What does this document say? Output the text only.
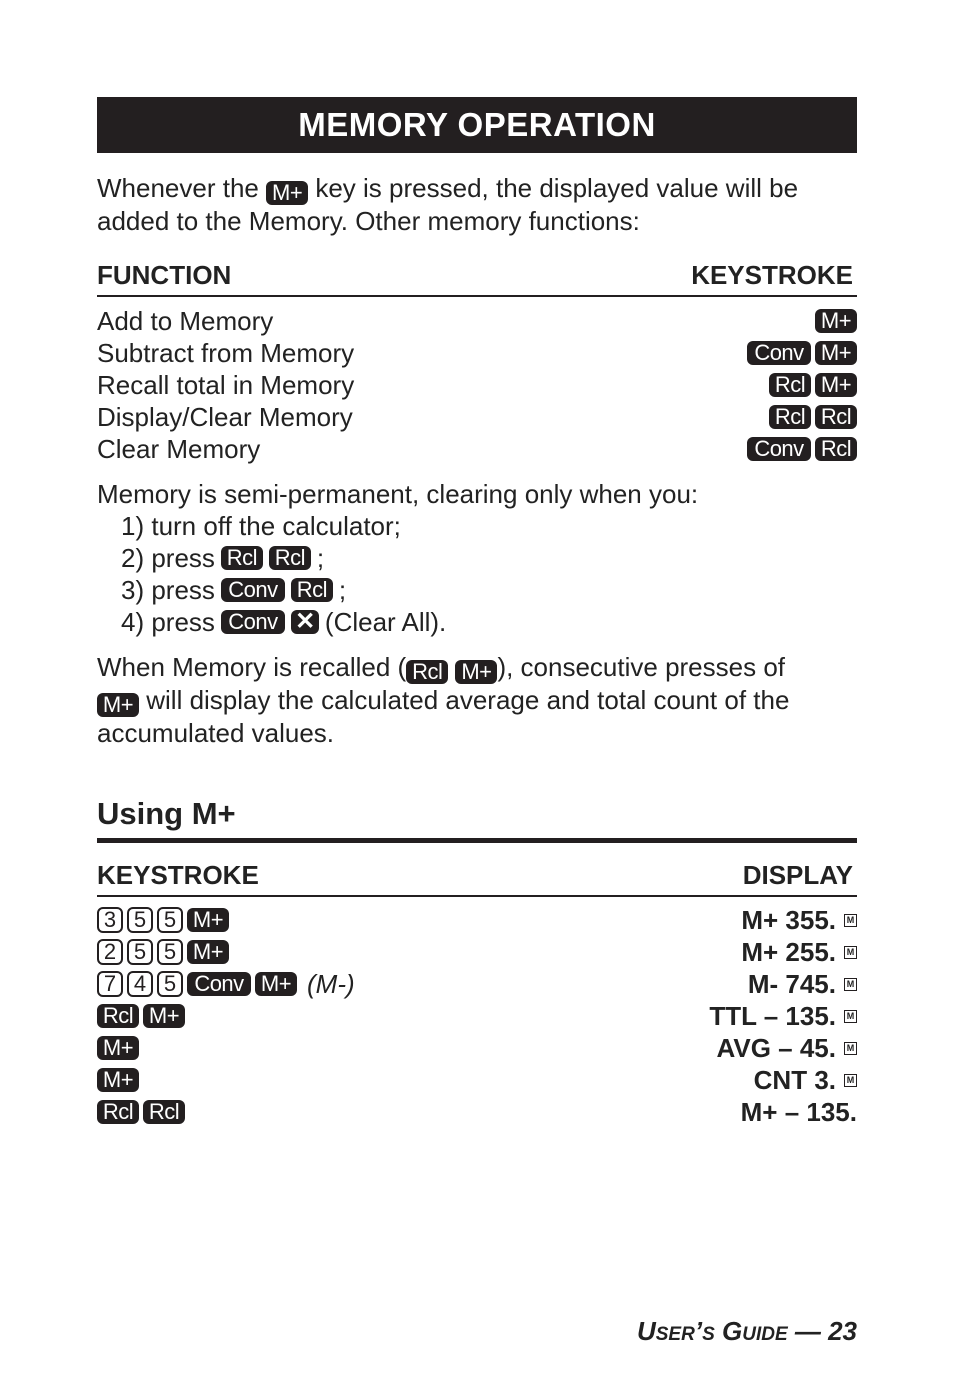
MEMORY OPERATION
Whenever the M+ key is pressed, the displayed value will be
added to the Memory. Other memory functions:
FUNCTION	KEYSTROKE
Add to Memory	M+
Subtract from Memory	Conv M+
Recall total in Memory	Rcl M+
Display/Clear Memory	Rcl Rcl
Clear Memory	Conv Rcl
Memory is semi-permanent, clearing only when you:
1) turn off the calculator;
2) press Rcl Rcl ;
3) press Conv Rcl ;
4) press Conv ✕ (Clear All).
When Memory is recalled ( Rcl M+ ), consecutive presses of
M+ will display the calculated average and total count of the
accumulated values.
Using M+
KEYSTROKE	DISPLAY
3 5 5 M+	M+ 355.	M
2 5 5 M+	M+ 255.	M
7 4 5 Conv M+ (M-)	M- 745.	M
Rcl M+	TTL – 135.	M
M+	AVG – 45.	M
M+	CNT 3.	M
Rcl Rcl	M+ – 135.
USER’S GUIDE — 23
